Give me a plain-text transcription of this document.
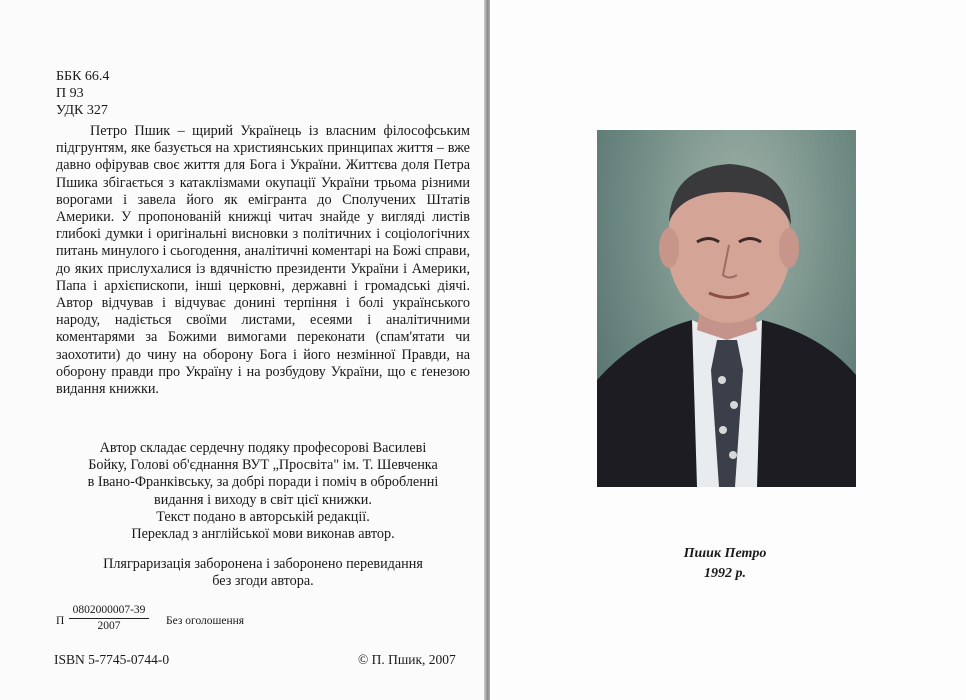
ББК 66.4
П 93
УДК 327

Петро Пшик – щирий Українець із власним філософським підгрунтям, яке базується на християнських принципах життя – вже давно офірував своє життя для Бога і України. Життєва доля Петра Пшика збігається з катаклізмами окупації України трьома різними ворогами і завела його як емігранта до Сполучених Штатів Америки. У пропонованій книжці читач знайде у вигляді листів глибокі думки і оригінальні висновки з політичних і соціологічних питань минулого і сьогодення, аналітичні коментарі на Божі справи, до яких прислухалися із вдячністю президенти України і Америки, Папа і архієпископи, інші церковні, державні і громадські діячі. Автор відчував і відчуває донині терпіння і болі українського народу, надіється своїми листами, есеями і аналітичними коментарями за Божими вимогами переконати (спам'ятати чи заохотити) до чину на оборону Бога і його незмінної Правди, на оборону правди про Україну і на розбудову України, що є ґенезою видання книжки.

Автор складає сердечну подяку професорові Василеві

Бойку, Голові об'єднання ВУТ „Просвіта" ім. Т. Шевченка

в Івано-Франківську, за добрі поради і поміч в обробленні

видання і виходу в світ цієї книжки.

Текст подано в авторській редакції.

Переклад з англійської мови виконав автор.

Пляграризація заборонена і заборонено перевидання

без згоди автора.

П $\frac{0802000007-39}{2007}$ Без оголошення
ISBN 5-7745-0744-0	© П. Пшик, 2007
Пшик Петро
1992 р.
